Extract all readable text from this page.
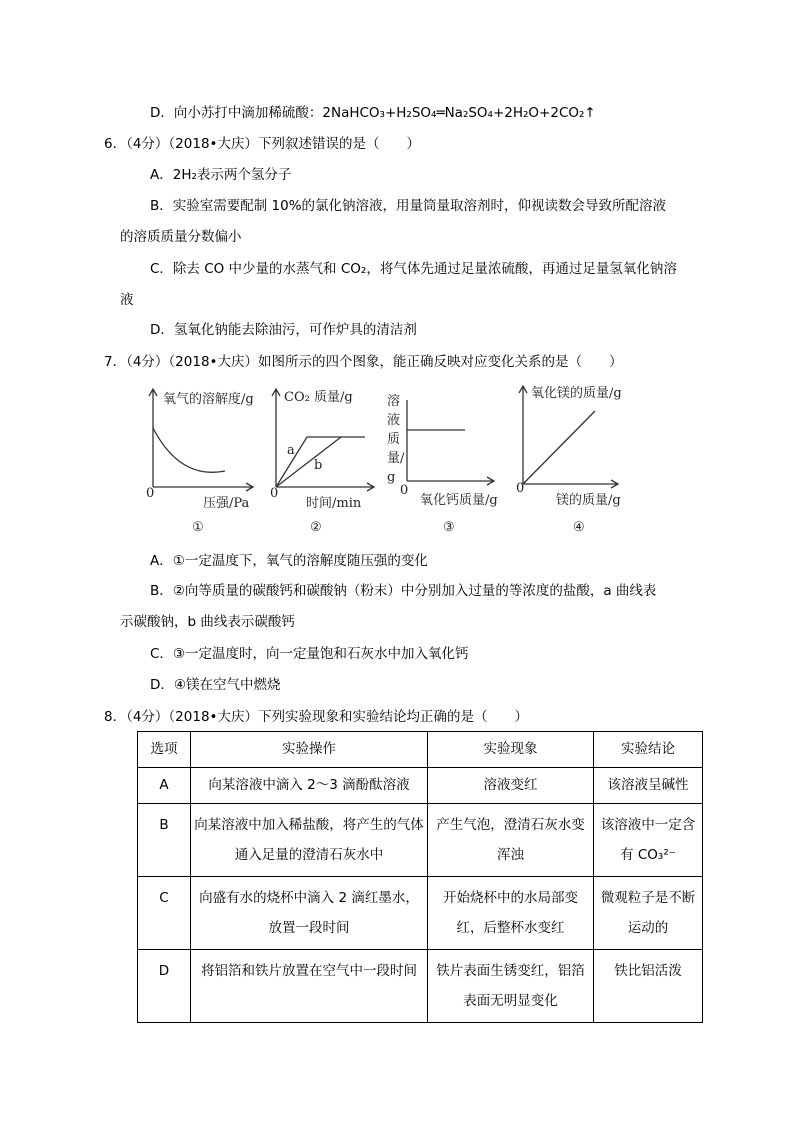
D．向小苏打中滴加稀硫酸：2NaHCO₃+H₂SO₄═Na₂SO₄+2H₂O+2CO₂↑
6．（4分）（2018•大庆）下列叙述错误的是（　　）
A．2H₂表示两个氢分子
B．实验室需要配制 10%的氯化钠溶液，用量筒量取溶剂时，仰视读数会导致所配溶液
的溶质质量分数偏小
C．除去 CO 中少量的水蒸气和 CO₂，将气体先通过足量浓硫酸，再通过足量氢氧化钠溶
液
D．氢氧化钠能去除油污，可作炉具的清洁剂
7．（4分）（2018•大庆）如图所示的四个图象，能正确反映对应变化关系的是（　　）
氧气的溶解度/g
0
压强/Pa
①
CO₂ 质量/g
0
时间/min
a
b
②
溶液质量/g
0
氧化钙质量/g
③
氧化镁的质量/g
0
镁的质量/g
④
A．①一定温度下，氧气的溶解度随压强的变化
B．②向等质量的碳酸钙和碳酸钠（粉末）中分别加入过量的等浓度的盐酸，a 曲线表
示碳酸钠，b 曲线表示碳酸钙
C．③一定温度时，向一定量饱和石灰水中加入氧化钙
D．④镁在空气中燃烧
8．（4分）（2018•大庆）下列实验现象和实验结论均正确的是（　　）
选项	实验操作	实验现象	实验结论
A	向某溶液中滴入 2～3 滴酚酞溶液	溶液变红	该溶液呈碱性
B	向某溶液中加入稀盐酸，将产生的气体通入足量的澄清石灰水中	产生气泡，澄清石灰水变浑浊	该溶液中一定含有 CO₃²⁻
C	向盛有水的烧杯中滴入 2 滴红墨水，放置一段时间	开始烧杯中的水局部变红，后整杯水变红	微观粒子是不断运动的
D	将铝箔和铁片放置在空气中一段时间	铁片表面生锈变红，铝箔表面无明显变化	铁比铝活泼
